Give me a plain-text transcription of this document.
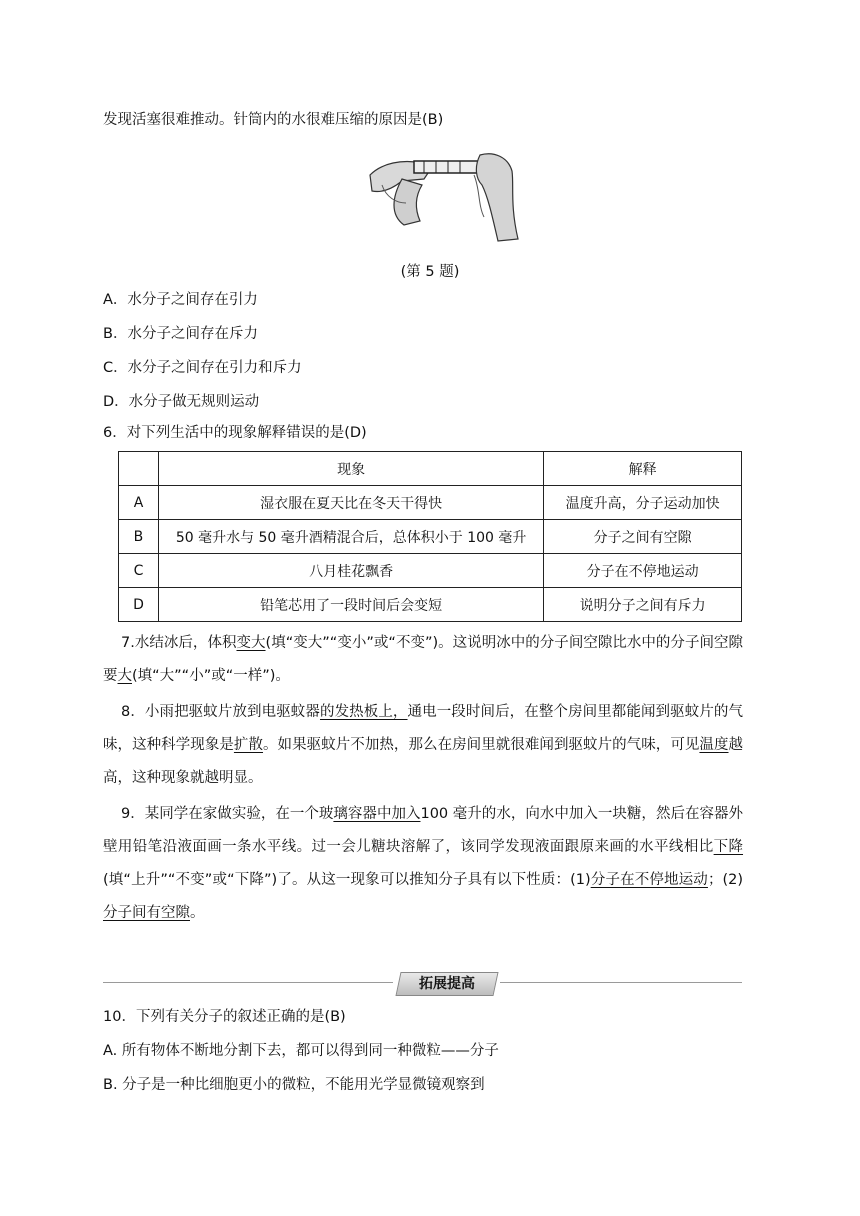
发现活塞很难推动。针筒内的水很难压缩的原因是(B)
(第 5 题)
A．水分子之间存在引力
B．水分子之间存在斥力
C．水分子之间存在引力和斥力
D．水分子做无规则运动
6．对下列生活中的现象解释错误的是(D)
	现象	解释
A	湿衣服在夏天比在冬天干得快	温度升高，分子运动加快
B	50 毫升水与 50 毫升酒精混合后，总体积小于 100 毫升	分子之间有空隙
C	八月桂花飘香	分子在不停地运动
D	铅笔芯用了一段时间后会变短	说明分子之间有斥力
7.水结冰后，体积变大(填“变大”“变小”或“不变”)。这说明冰中的分子间空隙比水中的分子间空隙要大(填“大”“小”或“一样”)。
8．小雨把驱蚊片放到电驱蚊器的发热板上，通电一段时间后，在整个房间里都能闻到驱蚊片的气味，这种科学现象是扩散。如果驱蚊片不加热，那么在房间里就很难闻到驱蚊片的气味，可见温度越高，这种现象就越明显。
9．某同学在家做实验，在一个玻璃容器中加入100 毫升的水，向水中加入一块糖，然后在容器外壁用铅笔沿液面画一条水平线。过一会儿糖块溶解了，该同学发现液面跟原来画的水平线相比下降(填“上升”“不变”或“下降”)了。从这一现象可以推知分子具有以下性质：(1)分子在不停地运动；(2)分子间有空隙。
拓展提高
10．下列有关分子的叙述正确的是(B)
A. 所有物体不断地分割下去，都可以得到同一种微粒——分子
B. 分子是一种比细胞更小的微粒，不能用光学显微镜观察到
